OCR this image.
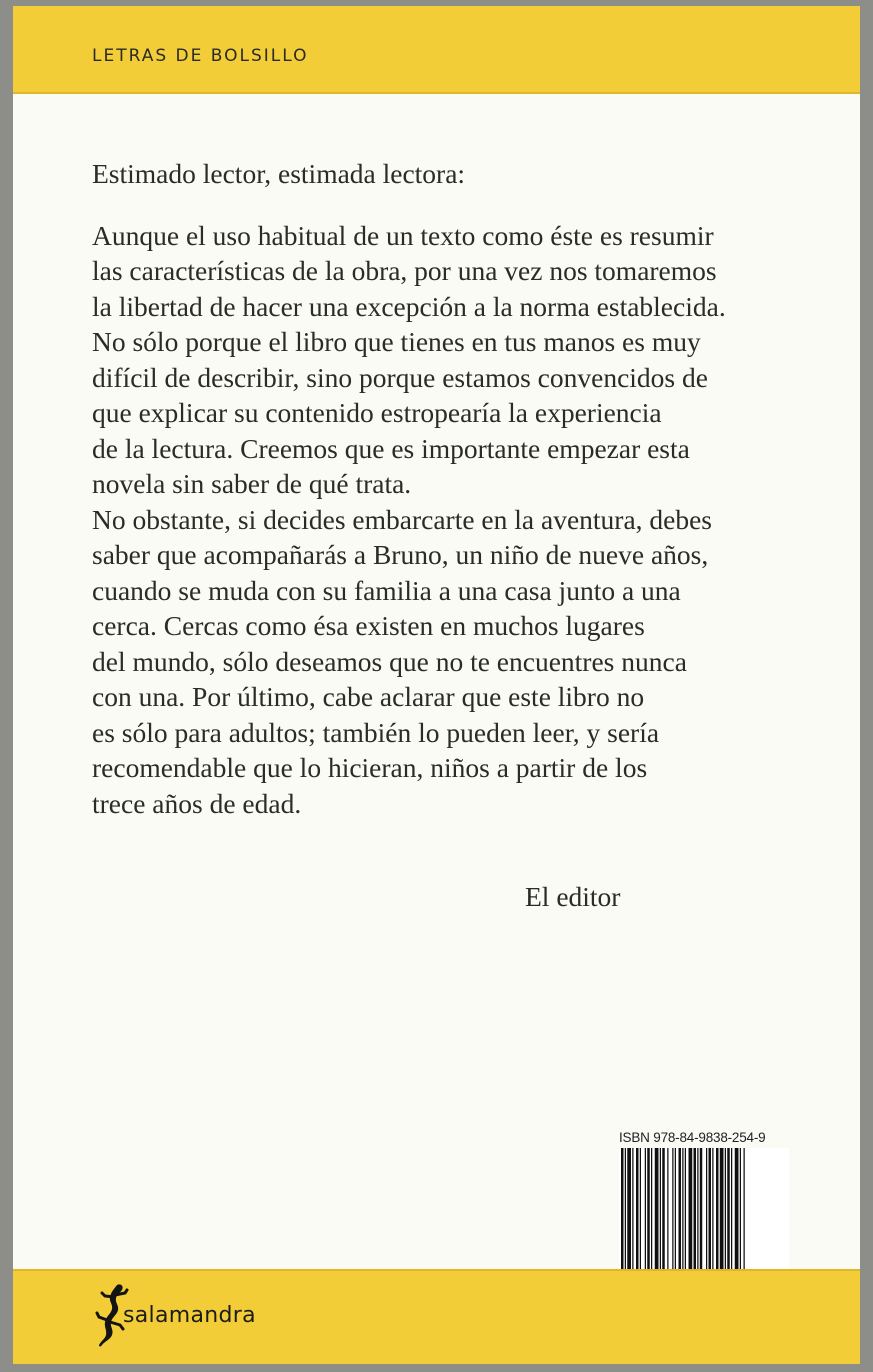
LETRAS DE BOLSILLO

Estimado lector, estimada lectora:

Aunque el uso habitual de un texto como éste es resumir
las características de la obra, por una vez nos tomaremos
la libertad de hacer una excepción a la norma establecida.
No sólo porque el libro que tienes en tus manos es muy
difícil de describir, sino porque estamos convencidos de
que explicar su contenido estropearía la experiencia
de la lectura. Creemos que es importante empezar esta
novela sin saber de qué trata.
No obstante, si decides embarcarte en la aventura, debes
saber que acompañarás a Bruno, un niño de nueve años,
cuando se muda con su familia a una casa junto a una
cerca. Cercas como ésa existen en muchos lugares
del mundo, sólo deseamos que no te encuentres nunca
con una. Por último, cabe aclarar que este libro no
es sólo para adultos; también lo pueden leer, y sería
recomendable que lo hicieran, niños a partir de los
trece años de edad.

El editor
ISBN 978-84-9838-254-9
salamandra
